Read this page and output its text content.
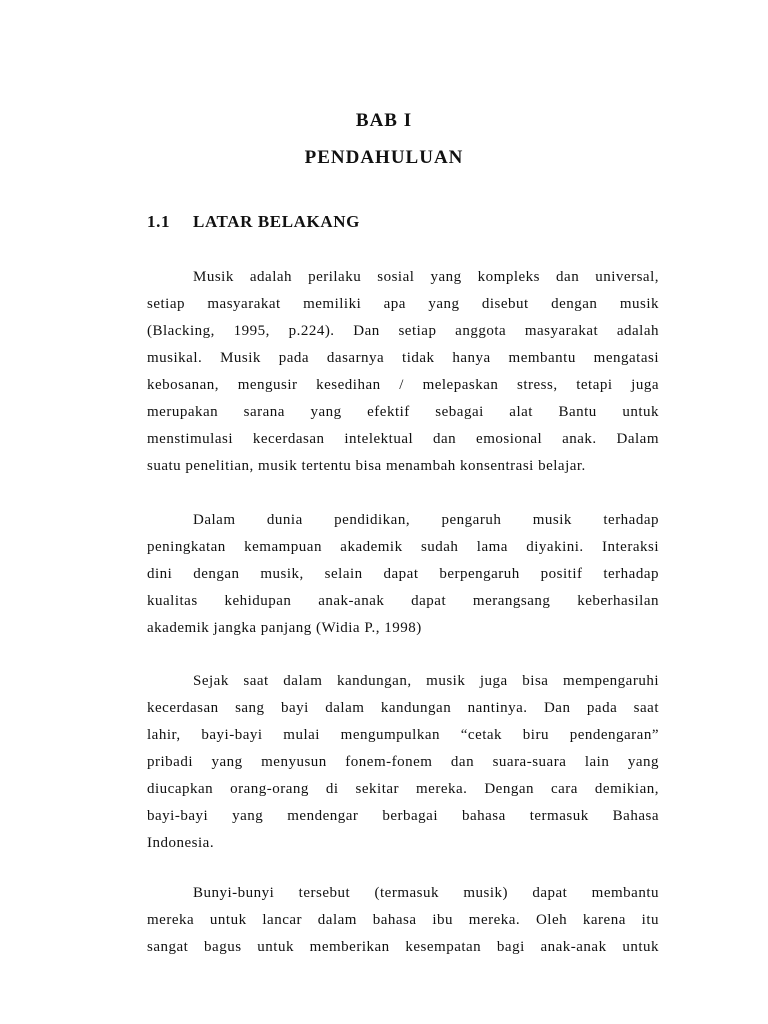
BAB I
PENDAHULUAN
1.1 LATAR BELAKANG
Musik adalah perilaku sosial yang kompleks dan universal,
setiap masyarakat memiliki apa yang disebut dengan musik
(Blacking, 1995, p.224). Dan setiap anggota masyarakat adalah
musikal. Musik pada dasarnya tidak hanya membantu mengatasi
kebosanan, mengusir kesedihan / melepaskan stress, tetapi juga
merupakan sarana yang efektif sebagai alat Bantu untuk
menstimulasi kecerdasan intelektual dan emosional anak. Dalam
suatu penelitian, musik tertentu bisa menambah konsentrasi belajar.
Dalam dunia pendidikan, pengaruh musik terhadap
peningkatan kemampuan akademik sudah lama diyakini. Interaksi
dini dengan musik, selain dapat berpengaruh positif terhadap
kualitas kehidupan anak-anak dapat merangsang keberhasilan
akademik jangka panjang (Widia P., 1998)
Sejak saat dalam kandungan, musik juga bisa mempengaruhi
kecerdasan sang bayi dalam kandungan nantinya. Dan pada saat
lahir, bayi-bayi mulai mengumpulkan “cetak biru pendengaran”
pribadi yang menyusun fonem-fonem dan suara-suara lain yang
diucapkan orang-orang di sekitar mereka. Dengan cara demikian,
bayi-bayi yang mendengar berbagai bahasa termasuk Bahasa
Indonesia.
Bunyi-bunyi tersebut (termasuk musik) dapat membantu
mereka untuk lancar dalam bahasa ibu mereka. Oleh karena itu
sangat bagus untuk memberikan kesempatan bagi anak-anak untuk
